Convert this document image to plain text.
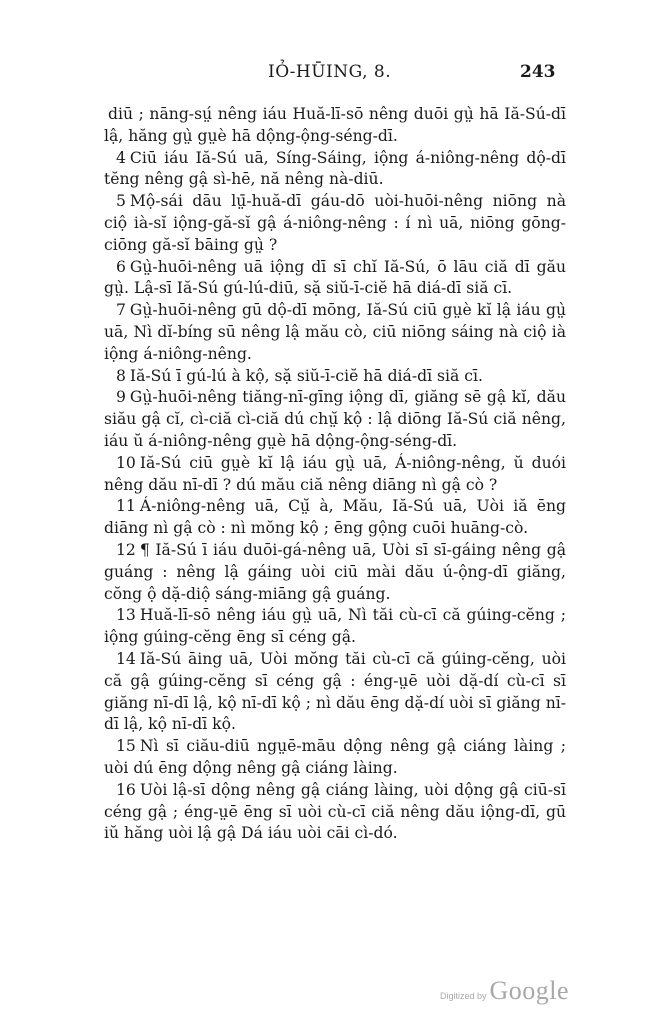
IỎ-HŪING, 8.	243

diū ; nāng-sṳ́ nêng iáu Huă-lī-sō nêng duōi gṳ̀ hā Iă-Sú-dī lậ, hăng gṳ̀ gṳè hā dộng-ộng-séng-dī.

4 Ciū iáu Iă-Sú uā, Síng-Sáing, iộng á-niông-nêng dộ-dī tĕng nêng gậ sì-hē, nă nêng nà-diū.

5 Mộ-sái dāu lṳ̄-huă-dī gáu-dō uòi-huōi-nêng niōng nà ciộ ià-sĭ iộng-gă-sĭ gậ á-niông-nêng : í nì uā, niōng gōng-ciōng gă-sĭ bāing gṳ̀ ?

6 Gṳ̀-huōi-nêng uā iộng dī sī chĭ Iă-Sú, ō lāu ciă dī gău gṳ̀. Lậ-sī Iă-Sú gú-lú-diū, sặ siŭ-ī-ciĕ hā diá-dī siă cī.

7 Gṳ̀-huōi-nêng gū dộ-dī mōng, Iă-Sú ciū gṳè kĭ lậ iáu gṳ̀ uā, Nì dĭ-bíng sū nêng lậ mău cò, ciū niōng sáing nà ciộ ià iộng á-niông-nêng.

8 Iă-Sú ī gú-lú à kộ, sặ siŭ-ī-ciĕ hā diá-dī siă cī.

9 Gṳ̀-huōi-nêng tiăng-nī-gīng iộng dī, giăng sē gậ kĭ, dău siău gậ cĭ, cì-ciă cì-ciă dú chṳ̆ kộ : lậ diōng Iă-Sú ciă nêng, iáu ŭ á-niông-nêng gṳè hā dộng-ộng-séng-dī.

10 Iă-Sú ciū gṳè kĭ lậ iáu gṳ̀ uā, Á-niông-nêng, ŭ duói nêng dău nī-dī ? dú mău ciă nêng diāng nì gậ cò ?

11 Á-niông-nêng uā, Cṳ̆ à, Mău, Iă-Sú uā, Uòi iă ēng diāng nì gậ cò : nì mŏng kộ ; ēng gộng cuōi huāng-cò.

12 ¶ Iă-Sú ī iáu duōi-gá-nêng uā, Uòi sī sī-gáing nêng gậ guáng : nêng lậ gáing uòi ciū mài dău ú-ộng-dī giăng, cŏng ộ dặ-diộ sáng-miāng gậ guáng.

13 Huă-lī-sō nêng iáu gṳ̀ uā, Nì tăi cù-cī că gúing-cĕng ; iộng gúing-cĕng ēng sī céng gậ.

14 Iă-Sú āing uā, Uòi mŏng tăi cù-cī că gúing-cĕng, uòi că gậ gúing-cĕng sī céng gậ : éng-ṳē uòi dặ-dí cù-cī sī giăng nī-dī lậ, kộ nī-dī kộ ; nì dău ēng dặ-dí uòi sī giăng nī-dī lậ, kộ nī-dī kộ.

15 Nì sī ciău-diū ngṳē-māu dộng nêng gậ ciáng làing ; uòi dú ēng dộng nêng gậ ciáng làing.

16 Uòi lậ-sī dộng nêng gậ ciáng làing, uòi dộng gậ ciū-sī céng gậ ; éng-ṳē ēng sī uòi cù-cī ciă nêng dău iộng-dī, gū iŭ hăng uòi lậ gậ Dá iáu uòi cāi cì-dó.

Digitized by Google
